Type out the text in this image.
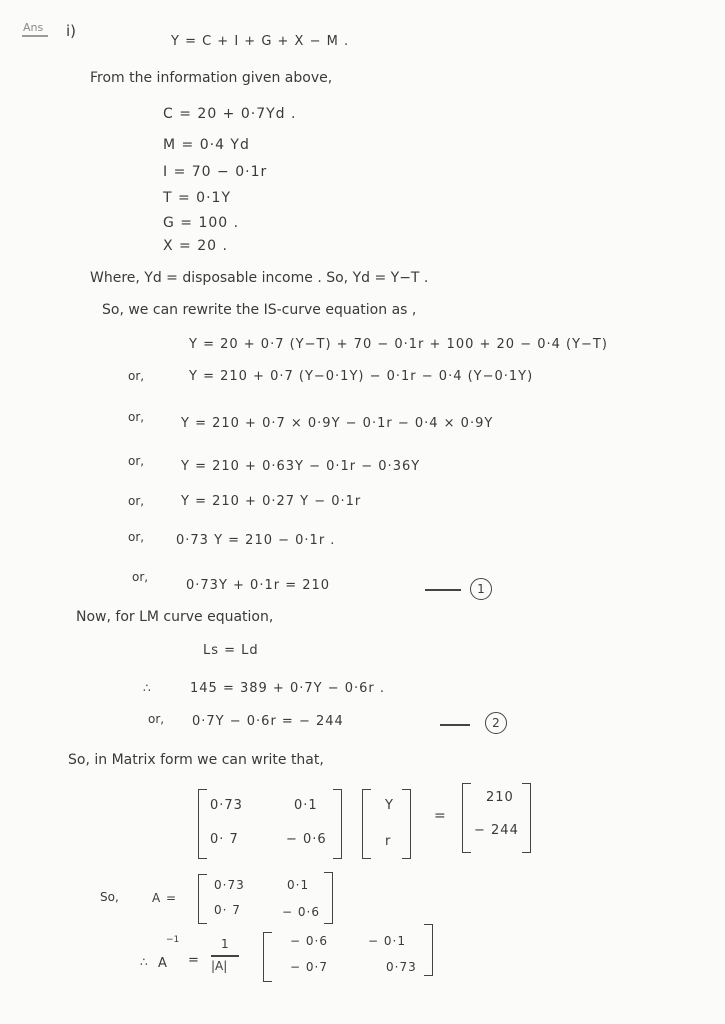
Ans i)
Y = C + I + G + X − M .
From the information given above,
C = 20 + 0·7Yd .
M = 0·4 Yd
I = 70 − 0·1r
T = 0·1Y
G = 100 .
X = 20 .
Where, Yd = disposable income . So, Yd = Y−T .
So, we can rewrite the IS-curve equation as ,
Y = 20 + 0·7 (Y−T) + 70 − 0·1r + 100 + 20 − 0·4 (Y−T)
or,	Y = 210 + 0·7 (Y−0·1Y) − 0·1r − 0·4 (Y−0·1Y)
or,	Y = 210 + 0·7 × 0·9Y − 0·1r − 0·4 × 0·9Y
or,	Y = 210 + 0·63Y − 0·1r − 0·36Y
or,	Y = 210 + 0·27 Y − 0·1r
or, 0·73 Y = 210 − 0·1r .
or,
0·73Y + 0·1r = 210	1
Now, for LM curve equation,
Ls = Ld
∴	145 = 389 + 0·7Y − 0·6r .
or, 0·7Y − 0·6r = − 244	2
So, in Matrix form we can write that,
0·73	0·1
0· 7	− 0·6
Y
r
=
210
− 244
So,	A =
0·73	0·1
0· 7	− 0·6
∴ A
−1
=
1
|A|
− 0·6	− 0·1
− 0·7	0·73
